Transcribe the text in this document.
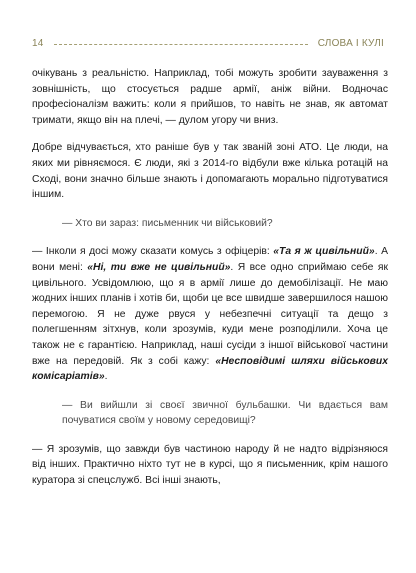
14	СЛОВА І КУЛІ

очікувань з реальністю. Наприклад, тобі можуть зробити зауваження з зовнішність, що стосується радше армії, аніж війни. Водночас професіоналізм важить: коли я прийшов, то навіть не знав, як автомат тримати, якщо він на плечі, — дулом угору чи вниз.

Добре відчувається, хто раніше був у так званій зоні АТО. Це люди, на яких ми рівняємося. Є люди, які з 2014-го відбули вже кілька ротацій на Сході, вони значно більше знають і допомагають морально підготуватися іншим.

— Хто ви зараз: письменник чи військовий?

— Інколи я досі можу сказати комусь з офіцерів: «Та я ж цивільний». А вони мені: «Ні, ти вже не цивільний». Я все одно сприймаю себе як цивільного. Усвідомлюю, що я в армії лише до демобілізації. Не маю жодних інших планів і хотів би, щоби це все швидше завершилося нашою перемогою. Я не дуже рвуся у небезпечні ситуації та дещо з полегшенням зітхнув, коли зрозумів, куди мене розподілили. Хоча це також не є гарантією. Наприклад, наші сусіди з іншої військової частини вже на передовій. Як з собі кажу: «Несповідимі шляхи військових комісаріатів».

— Ви вийшли зі своєї звичної бульбашки. Чи вдається вам почуватися своїм у новому середовищі?

— Я зрозумів, що завжди був частиною народу й не надто відрізняюся від інших. Практично ніхто тут не в курсі, що я письменник, крім нашого куратора зі спецслужб. Всі інші знають,
